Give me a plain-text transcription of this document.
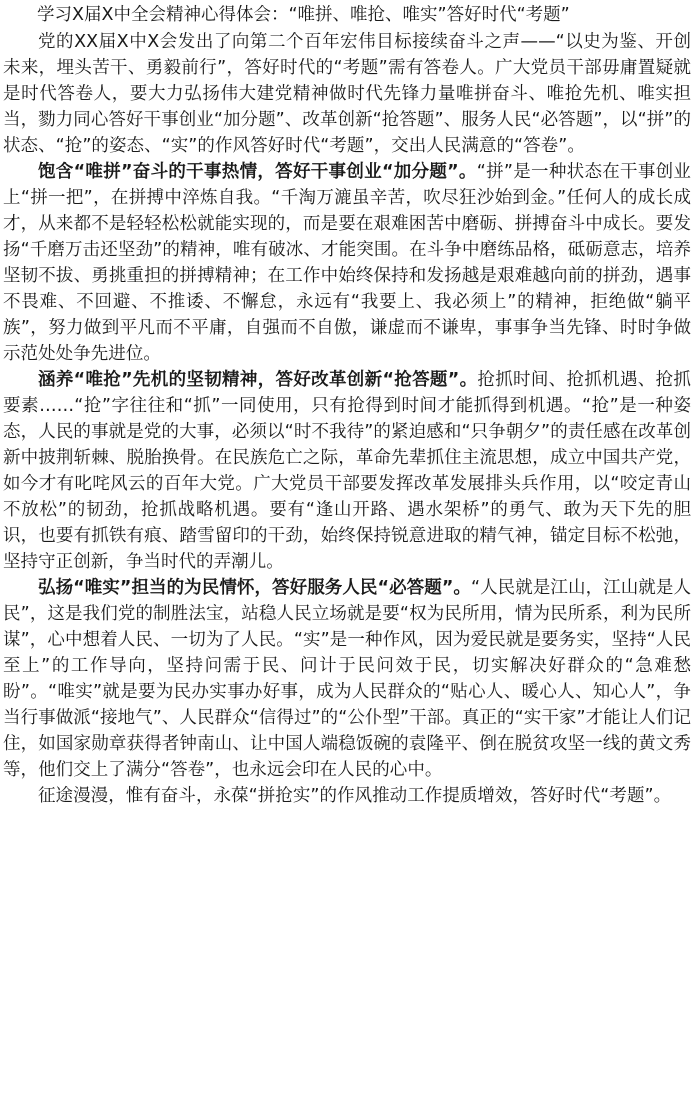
学习X届X中全会精神心得体会：“唯拼、唯抢、唯实”答好时代“考题”

党的XX届X中X会发出了向第二个百年宏伟目标接续奋斗之声——“以史为鉴、开创未来，埋头苦干、勇毅前行”，答好时代的“考题”需有答卷人。广大党员干部毋庸置疑就是时代答卷人，要大力弘扬伟大建党精神做时代先锋力量唯拼奋斗、唯抢先机、唯实担当，勠力同心答好干事创业“加分题”、改革创新“抢答题”、服务人民“必答题”，以“拼”的状态、“抢”的姿态、“实”的作风答好时代“考题”，交出人民满意的“答卷”。

饱含“唯拼”奋斗的干事热情，答好干事创业“加分题”。“拼”是一种状态在干事创业上“拼一把”，在拼搏中淬炼自我。“千淘万漉虽辛苦，吹尽狂沙始到金。”任何人的成长成才，从来都不是轻轻松松就能实现的，而是要在艰难困苦中磨砺、拼搏奋斗中成长。要发扬“千磨万击还坚劲”的精神，唯有破冰、才能突围。在斗争中磨练品格，砥砺意志，培养坚韧不拔、勇挑重担的拼搏精神；在工作中始终保持和发扬越是艰难越向前的拼劲，遇事不畏难、不回避、不推诿、不懈怠，永远有“我要上、我必须上”的精神，拒绝做“躺平族”，努力做到平凡而不平庸，自强而不自傲，谦虚而不谦卑，事事争当先锋、时时争做示范处处争先进位。

涵养“唯抢”先机的坚韧精神，答好改革创新“抢答题”。抢抓时间、抢抓机遇、抢抓要素……“抢”字往往和“抓”一同使用，只有抢得到时间才能抓得到机遇。“抢”是一种姿态，人民的事就是党的大事，必须以“时不我待”的紧迫感和“只争朝夕”的责任感在改革创新中披荆斩棘、脱胎换骨。在民族危亡之际，革命先辈抓住主流思想，成立中国共产党，如今才有叱咤风云的百年大党。广大党员干部要发挥改革发展排头兵作用，以“咬定青山不放松”的韧劲，抢抓战略机遇。要有“逢山开路、遇水架桥”的勇气、敢为天下先的胆识，也要有抓铁有痕、踏雪留印的干劲，始终保持锐意进取的精气神，锚定目标不松弛，坚持守正创新，争当时代的弄潮儿。

弘扬“唯实”担当的为民情怀，答好服务人民“必答题”。“人民就是江山，江山就是人民”，这是我们党的制胜法宝，站稳人民立场就是要“权为民所用，情为民所系，利为民所谋”，心中想着人民、一切为了人民。“实”是一种作风，因为爱民就是要务实，坚持“人民至上”的工作导向，坚持问需于民、问计于民问效于民，切实解决好群众的“急难愁盼”。“唯实”就是要为民办实事办好事，成为人民群众的“贴心人、暖心人、知心人”，争当行事做派“接地气”、人民群众“信得过”的“公仆型”干部。真正的“实干家”才能让人们记住，如国家勋章获得者钟南山、让中国人端稳饭碗的袁隆平、倒在脱贫攻坚一线的黄文秀等，他们交上了满分“答卷”，也永远会印在人民的心中。

征途漫漫，惟有奋斗，永葆“拼抢实”的作风推动工作提质增效，答好时代“考题”。
